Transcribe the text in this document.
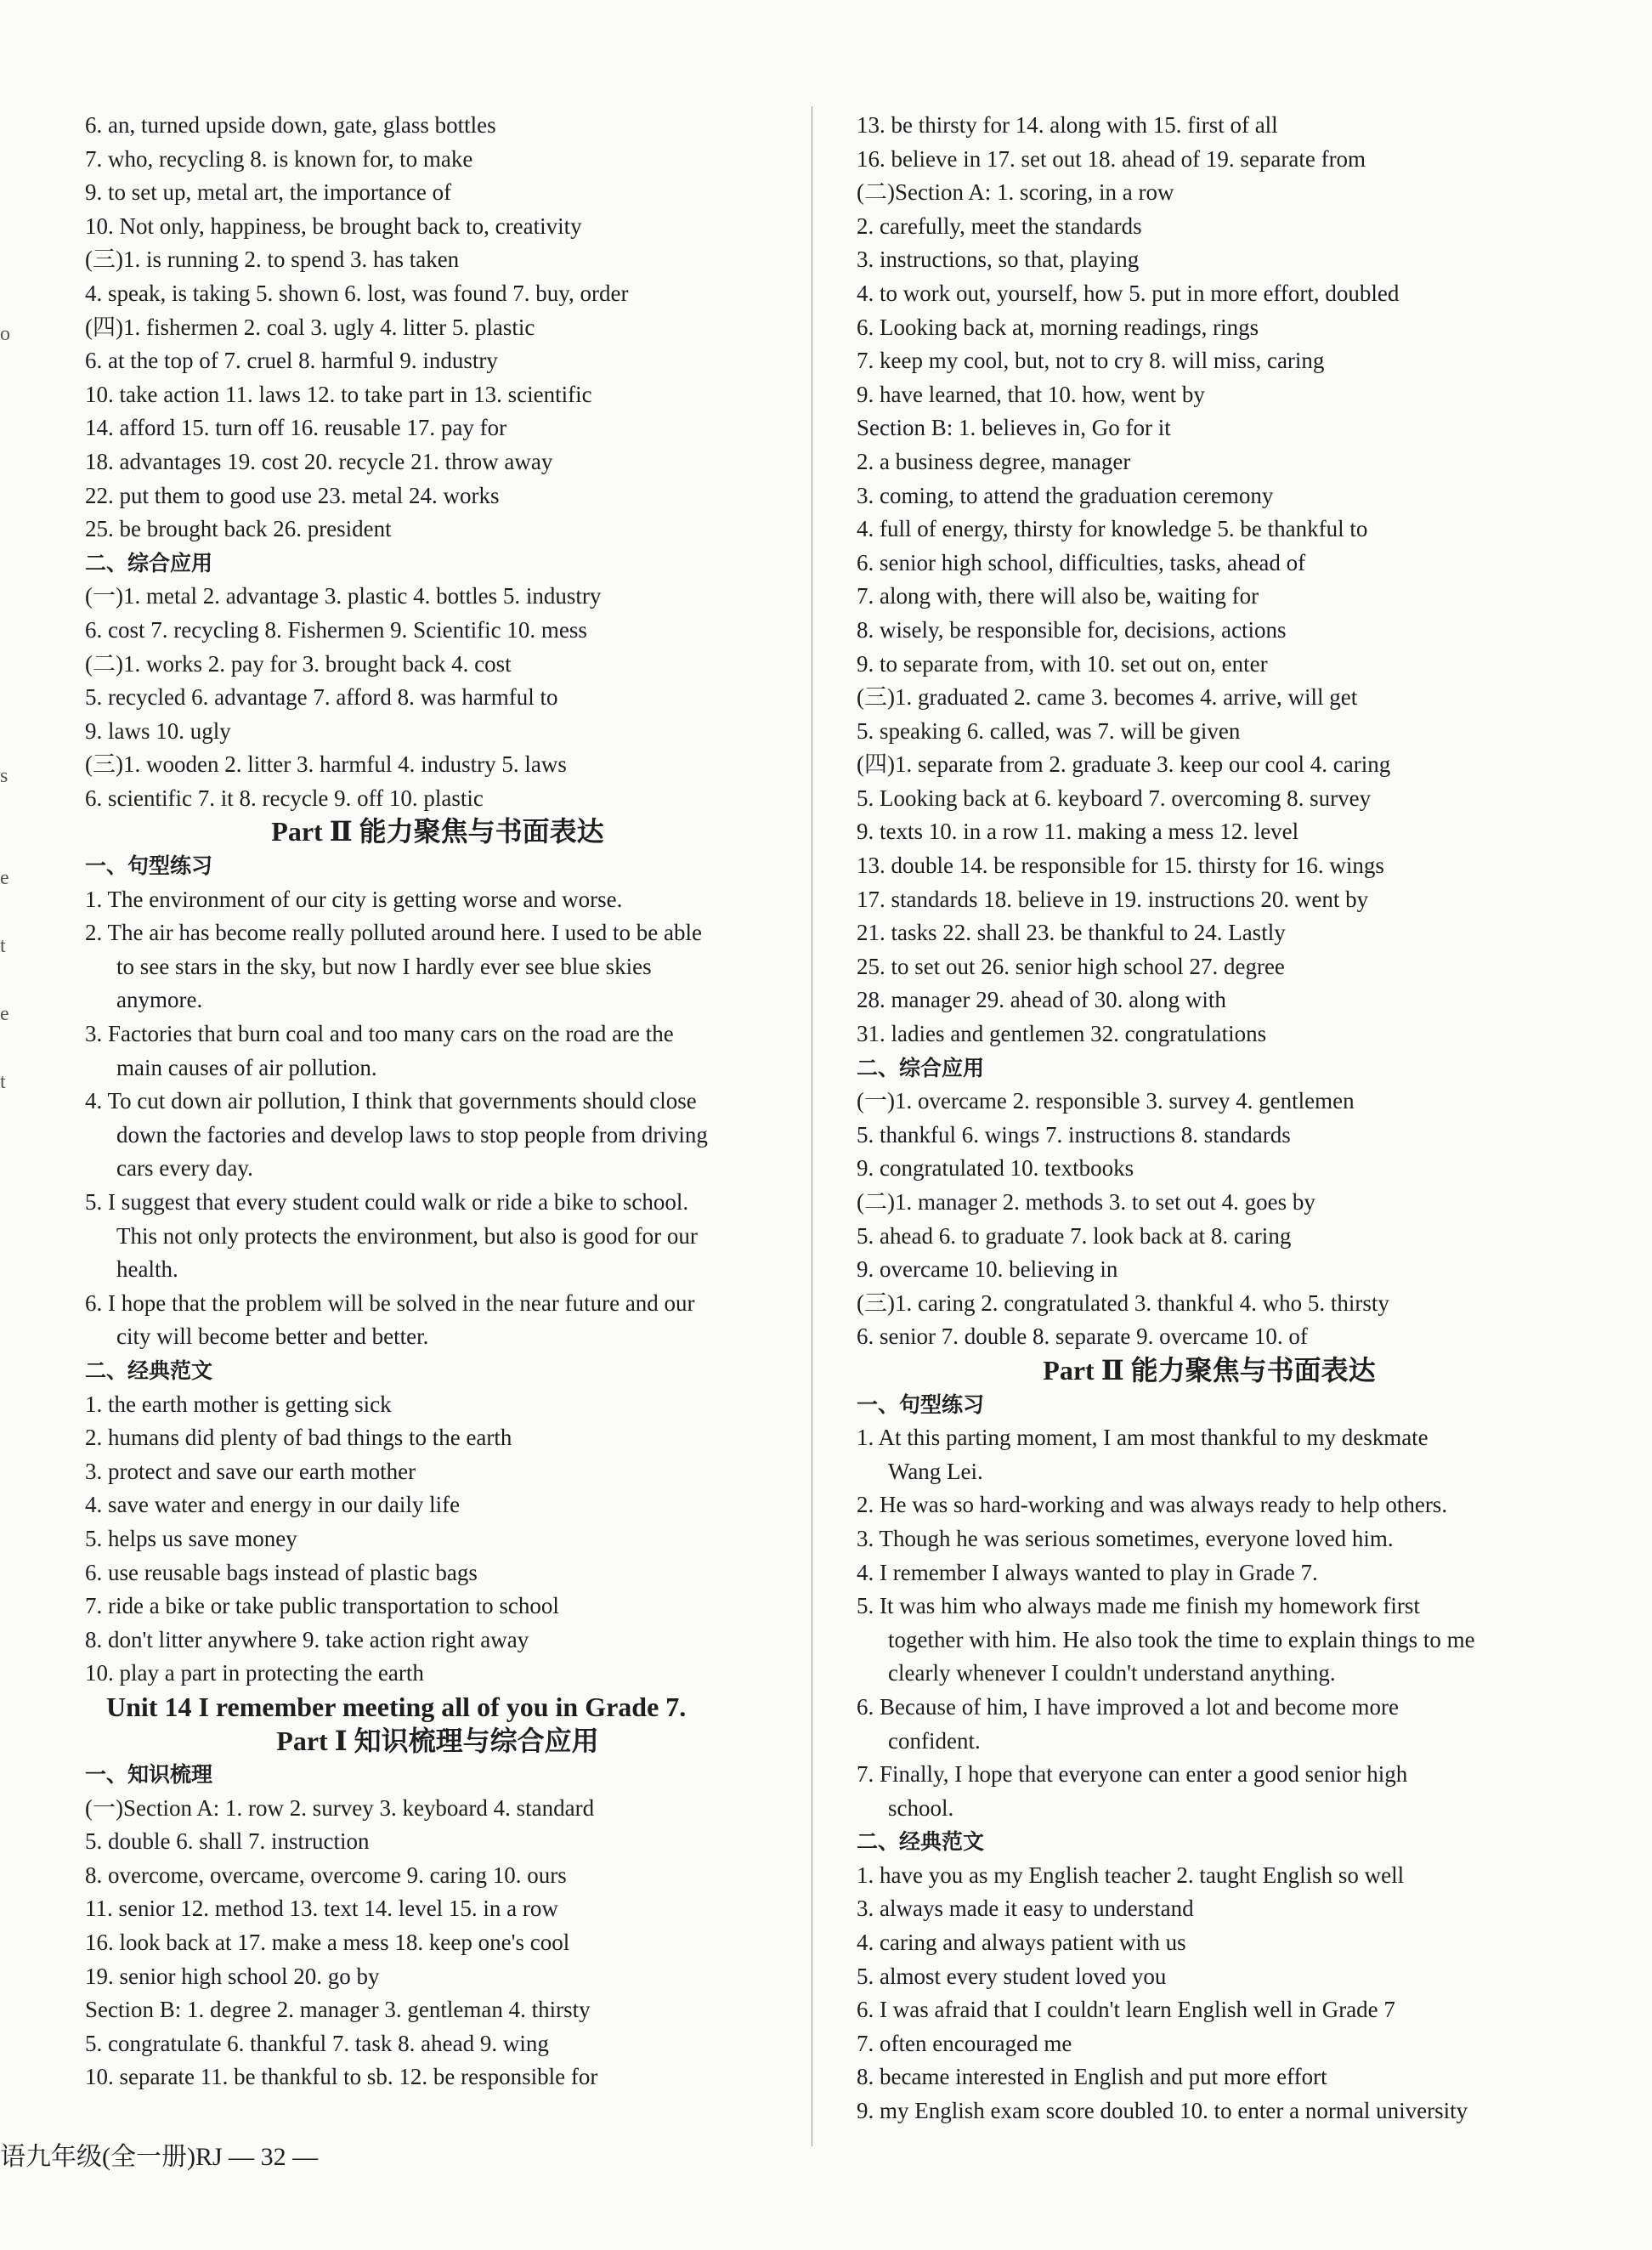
o
s
e
t
e
t
6. an, turned upside down, gate, glass bottles
7. who, recycling 8. is known for, to make
9. to set up, metal art, the importance of
10. Not only, happiness, be brought back to, creativity
(三)1. is running 2. to spend 3. has taken
4. speak, is taking 5. shown 6. lost, was found 7. buy, order
(四)1. fishermen 2. coal 3. ugly 4. litter 5. plastic
6. at the top of 7. cruel 8. harmful 9. industry
10. take action 11. laws 12. to take part in 13. scientific
14. afford 15. turn off 16. reusable 17. pay for
18. advantages 19. cost 20. recycle 21. throw away
22. put them to good use 23. metal 24. works
25. be brought back 26. president
二、综合应用
(一)1. metal 2. advantage 3. plastic 4. bottles 5. industry
6. cost 7. recycling 8. Fishermen 9. Scientific 10. mess
(二)1. works 2. pay for 3. brought back 4. cost
5. recycled 6. advantage 7. afford 8. was harmful to
9. laws 10. ugly
(三)1. wooden 2. litter 3. harmful 4. industry 5. laws
6. scientific 7. it 8. recycle 9. off 10. plastic
Part Ⅱ 能力聚焦与书面表达
一、句型练习
1. The environment of our city is getting worse and worse.
2. The air has become really polluted around here. I used to be able
to see stars in the sky, but now I hardly ever see blue skies
anymore.
3. Factories that burn coal and too many cars on the road are the
main causes of air pollution.
4. To cut down air pollution, I think that governments should close
down the factories and develop laws to stop people from driving
cars every day.
5. I suggest that every student could walk or ride a bike to school.
This not only protects the environment, but also is good for our
health.
6. I hope that the problem will be solved in the near future and our
city will become better and better.
二、经典范文
1. the earth mother is getting sick
2. humans did plenty of bad things to the earth
3. protect and save our earth mother
4. save water and energy in our daily life
5. helps us save money
6. use reusable bags instead of plastic bags
7. ride a bike or take public transportation to school
8. don't litter anywhere 9. take action right away
10. play a part in protecting the earth
Unit 14 I remember meeting all of you in Grade 7.
Part Ⅰ 知识梳理与综合应用
一、知识梳理
(一)Section A: 1. row 2. survey 3. keyboard 4. standard
5. double 6. shall 7. instruction
8. overcome, overcame, overcome 9. caring 10. ours
11. senior 12. method 13. text 14. level 15. in a row
16. look back at 17. make a mess 18. keep one's cool
19. senior high school 20. go by
Section B: 1. degree 2. manager 3. gentleman 4. thirsty
5. congratulate 6. thankful 7. task 8. ahead 9. wing
10. separate 11. be thankful to sb. 12. be responsible for
13. be thirsty for 14. along with 15. first of all
16. believe in 17. set out 18. ahead of 19. separate from
(二)Section A: 1. scoring, in a row
2. carefully, meet the standards
3. instructions, so that, playing
4. to work out, yourself, how 5. put in more effort, doubled
6. Looking back at, morning readings, rings
7. keep my cool, but, not to cry 8. will miss, caring
9. have learned, that 10. how, went by
Section B: 1. believes in, Go for it
2. a business degree, manager
3. coming, to attend the graduation ceremony
4. full of energy, thirsty for knowledge 5. be thankful to
6. senior high school, difficulties, tasks, ahead of
7. along with, there will also be, waiting for
8. wisely, be responsible for, decisions, actions
9. to separate from, with 10. set out on, enter
(三)1. graduated 2. came 3. becomes 4. arrive, will get
5. speaking 6. called, was 7. will be given
(四)1. separate from 2. graduate 3. keep our cool 4. caring
5. Looking back at 6. keyboard 7. overcoming 8. survey
9. texts 10. in a row 11. making a mess 12. level
13. double 14. be responsible for 15. thirsty for 16. wings
17. standards 18. believe in 19. instructions 20. went by
21. tasks 22. shall 23. be thankful to 24. Lastly
25. to set out 26. senior high school 27. degree
28. manager 29. ahead of 30. along with
31. ladies and gentlemen 32. congratulations
二、综合应用
(一)1. overcame 2. responsible 3. survey 4. gentlemen
5. thankful 6. wings 7. instructions 8. standards
9. congratulated 10. textbooks
(二)1. manager 2. methods 3. to set out 4. goes by
5. ahead 6. to graduate 7. look back at 8. caring
9. overcame 10. believing in
(三)1. caring 2. congratulated 3. thankful 4. who 5. thirsty
6. senior 7. double 8. separate 9. overcame 10. of
Part Ⅱ 能力聚焦与书面表达
一、句型练习
1. At this parting moment, I am most thankful to my deskmate
Wang Lei.
2. He was so hard-working and was always ready to help others.
3. Though he was serious sometimes, everyone loved him.
4. I remember I always wanted to play in Grade 7.
5. It was him who always made me finish my homework first
together with him. He also took the time to explain things to me
clearly whenever I couldn't understand anything.
6. Because of him, I have improved a lot and become more
confident.
7. Finally, I hope that everyone can enter a good senior high
school.
二、经典范文
1. have you as my English teacher 2. taught English so well
3. always made it easy to understand
4. caring and always patient with us
5. almost every student loved you
6. I was afraid that I couldn't learn English well in Grade 7
7. often encouraged me
8. became interested in English and put more effort
9. my English exam score doubled 10. to enter a normal university
语九年级(全一册)RJ — 32 —
